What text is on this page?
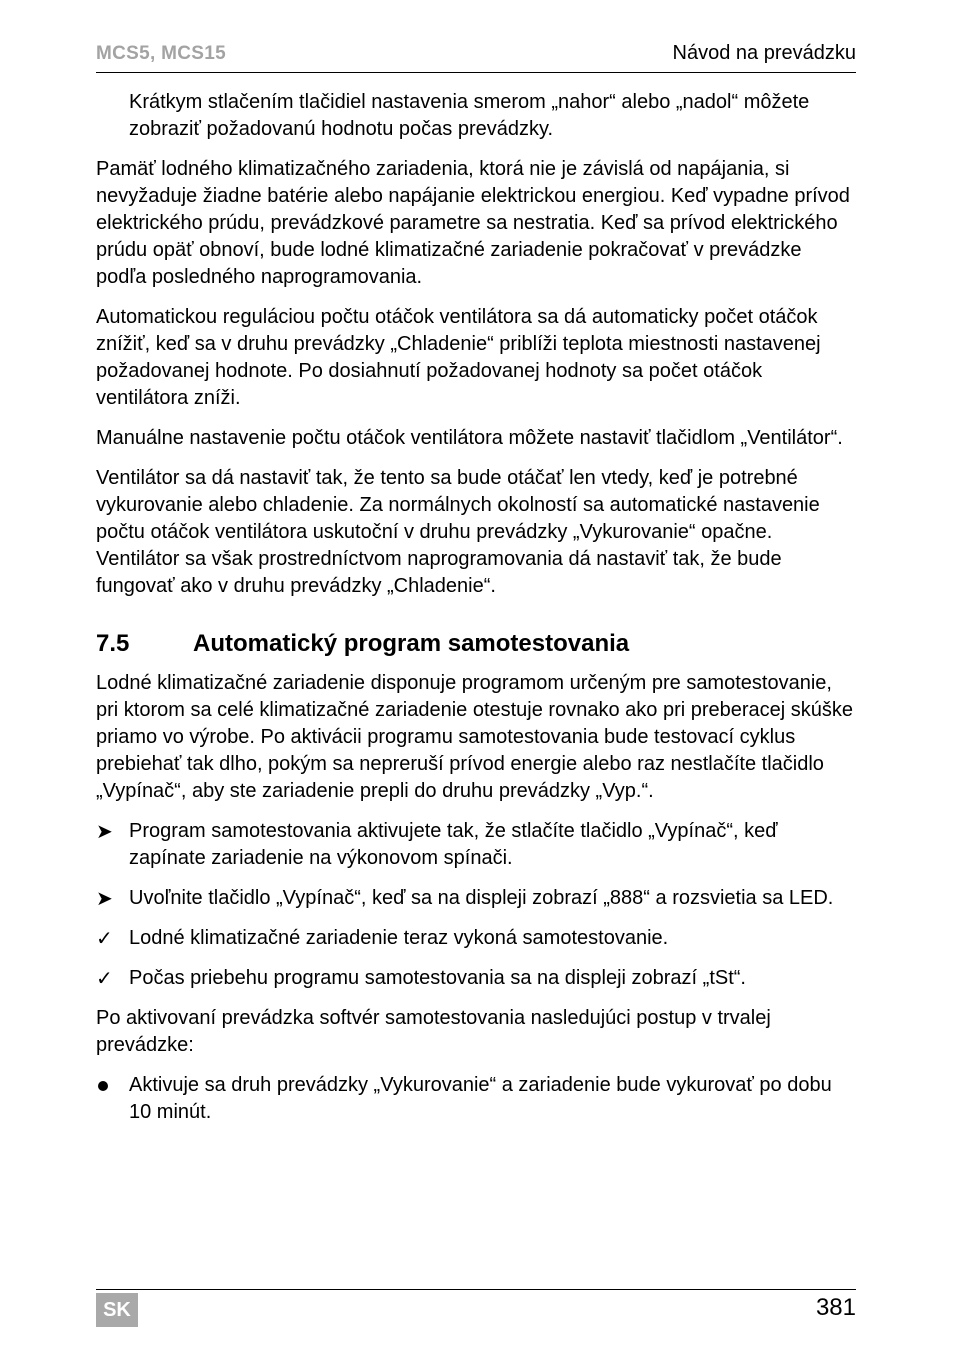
MCS5, MCS15	Návod na prevádzku

Krátkym stlačením tlačidiel nastavenia smerom „nahor“ alebo „nadol“ môžete zobraziť požadovanú hodnotu počas prevádzky.

Pamäť lodného klimatizačného zariadenia, ktorá nie je závislá od napájania, si nevyžaduje žiadne batérie alebo napájanie elektrickou energiou. Keď vypadne prívod elektrického prúdu, prevádzkové parametre sa nestratia. Keď sa prívod elektrického prúdu opäť obnoví, bude lodné klimatizačné zariadenie pokračovať v prevádzke podľa posledného naprogramovania.

Automatickou reguláciou počtu otáčok ventilátora sa dá automaticky počet otáčok znížiť, keď sa v druhu prevádzky „Chladenie“ priblíži teplota miestnosti nastavenej požadovanej hodnote. Po dosiahnutí požadovanej hodnoty sa počet otáčok ventilátora zníži.

Manuálne nastavenie počtu otáčok ventilátora môžete nastaviť tlačidlom „Ventilátor“.

Ventilátor sa dá nastaviť tak, že tento sa bude otáčať len vtedy, keď je potrebné vykurovanie alebo chladenie. Za normálnych okolností sa automatické nastavenie počtu otáčok ventilátora uskutoční v druhu prevádzky „Vykurovanie“ opačne. Ventilátor sa však prostredníctvom naprogramovania dá nastaviť tak, že bude fungovať ako v druhu prevádzky „Chladenie“.

7.5	Automatický program samotestovania

Lodné klimatizačné zariadenie disponuje programom určeným pre samotestovanie, pri ktorom sa celé klimatizačné zariadenie otestuje rovnako ako pri preberacej skúške priamo vo výrobe. Po aktivácii programu samotestovania bude testovací cyklus prebiehať tak dlho, pokým sa nepreruší prívod energie alebo raz nestlačíte tlačidlo „Vypínač“, aby ste zariadenie prepli do druhu prevádzky „Vyp.“.

➤ Program samotestovania aktivujete tak, že stlačíte tlačidlo „Vypínač“, keď zapínate zariadenie na výkonovom spínači.
➤ Uvoľnite tlačidlo „Vypínač“, keď sa na displeji zobrazí „888“ a rozsvietia sa LED.
✓ Lodné klimatizačné zariadenie teraz vykoná samotestovanie.
✓ Počas priebehu programu samotestovania sa na displeji zobrazí „tSt“.

Po aktivovaní prevádzka softvér samotestovania nasledujúci postup v trvalej prevádzke:

Aktivuje sa druh prevádzky „Vykurovanie“ a zariadenie bude vykurovať po dobu 10 minút.
SK	381
